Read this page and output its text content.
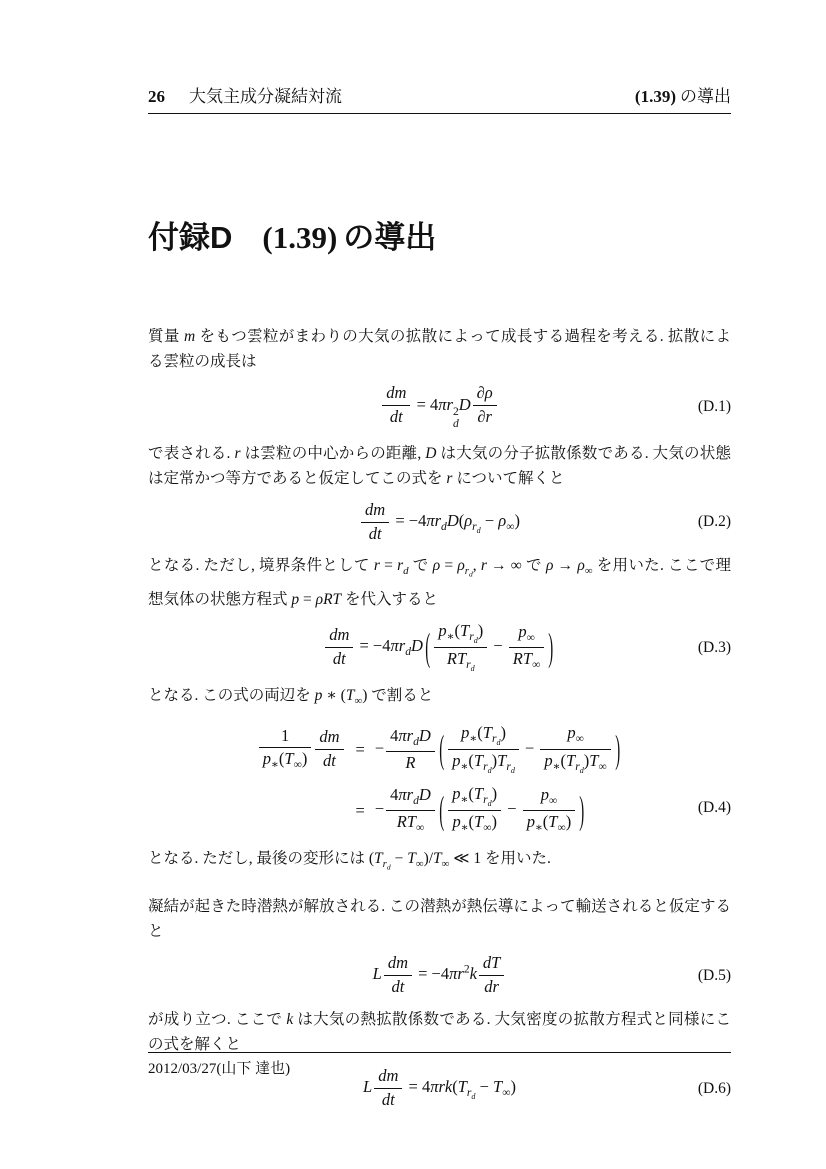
26 大気主成分凝結対流	(1.39) の導出
付録D (1.39) の導出

質量 m をもつ雲粒がまわりの大気の拡散によって成長する過程を考える. 拡散による雲粒の成長は

$\frac{dm}{dt} = 4\pi r$ 2
d
D $\frac{\partial\rho}{\partial r}$	(D.1)

で表される. r は雲粒の中心からの距離, D は大気の分子拡散係数である. 大気の状態は定常かつ等方であると仮定してこの式を r について解くと

$\frac{dm}{dt} = -4\pi r_dD(\rho_{r_d} - \rho_\infty)$	(D.2)

となる. ただし, 境界条件として $r = r_d$ で $\rho = \rho_{r_d}$, r → ∞ で $\rho \to \rho_\infty$ を用いた. ここで理想気体の状態方程式 p = ρRT を代入すると

$\frac{dm}{dt} = -4\pi r_dD$ ( $\frac{p_∗(T_{r_d})}{RT_{r_d}} - \frac{p_\infty}{RT_\infty}$ )	(D.3)

となる. この式の両辺を p ∗ $(T_\infty)$ で割ると

$\frac{1}{p_∗(T_\infty)} \frac{dm}{dt}$ = − $\frac{4\pi r_dD}{R}$ ( $\frac{p_∗(T_{r_d})}{p_∗(T_{r_d})T_{r_d}} - \frac{p_\infty}{p_∗(T_{r_d})T_\infty}$ )
= − $\frac{4\pi r_dD}{RT_\infty}$ ( $\frac{p_∗(T_{r_d})}{p_∗(T_\infty)} - \frac{p_\infty}{p_∗(T_\infty)}$ )	(D.4)

となる. ただし, 最後の変形には $(T_{r_d} - T_\infty)/T_\infty$ ≪ 1 を用いた.

凝結が起きた時潜熱が解放される. この潜熱が熱伝導によって輸送されると仮定すると

L $\frac{dm}{dt} = -4\pi r^2k \frac{dT}{dr}$	(D.5)

が成り立つ. ここで k は大気の熱拡散係数である. 大気密度の拡散方程式と同様にこの式を解くと

L $\frac{dm}{dt} = 4\pi rk(T_{r_d} - T_\infty)$	(D.6)
2012/03/27(山下 達也)
